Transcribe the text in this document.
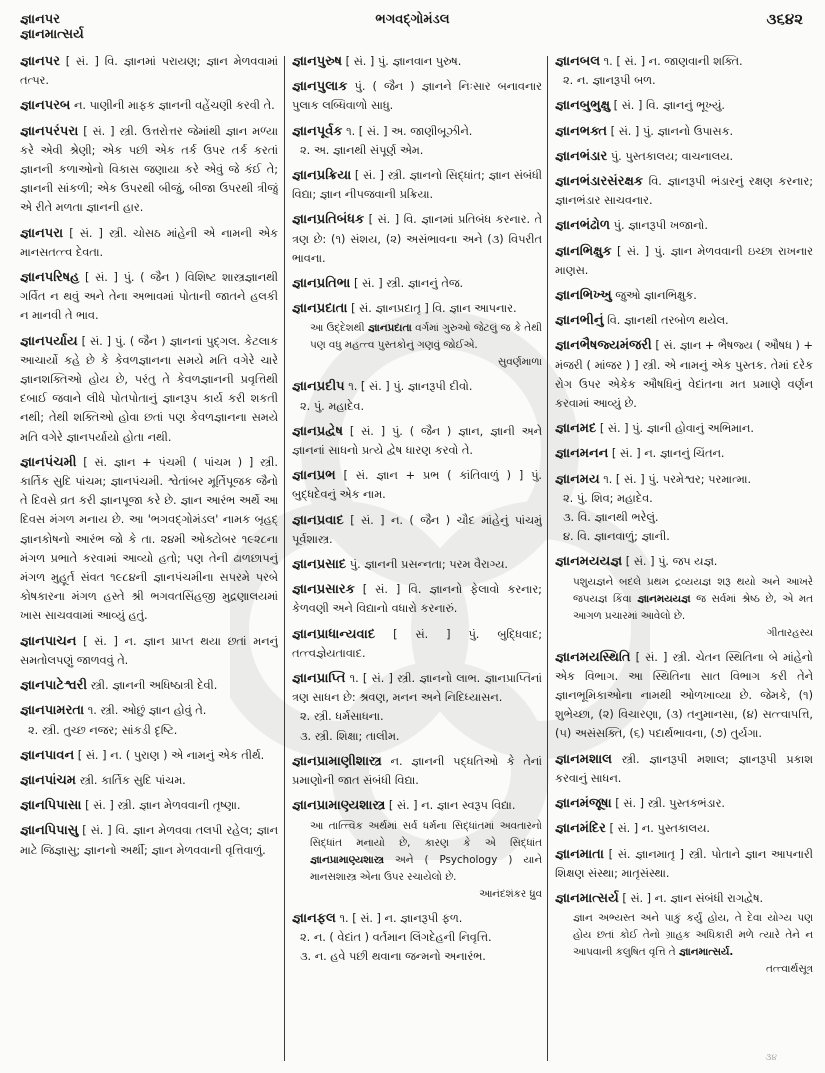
જ્ઞાનપર	ભગવદ્ગોમંડલ	૩૬૪૨
જ્ઞાનમાત્સર્ય

જ્ઞાનપર [ સં. ] વિ. જ્ઞાનમાં પરાયણ; જ્ઞાન મેળવવામાં તત્પર.

જ્ઞાનપરબ ન. પાણીની માફક જ્ઞાનની વહેંચણી કરવી તે.

જ્ઞાનપરંપરા [ સં. ] સ્ત્રી. ઉત્તરોત્તર જેમાંથી જ્ઞાન મળ્યા કરે એવી શ્રેણી; એક પછી એક તર્ક ઉપર તર્ક કરતાં જ્ઞાનની કળાઓનો વિકાસ જણાયા કરે એવું જે કંઈ તે; જ્ઞાનની સાંકળી; એક ઉપરથી બીજું, બીજા ઉપરથી ત્રીજું એ રીતે મળતા જ્ઞાનની હાર.

જ્ઞાનપરા [ સં. ] સ્ત્રી. ચોસઠ માંહેની એ નામની એક માનસતત્ત્વ દેવતા.

જ્ઞાનપરિષહ [ સં. ] પું. ( જૈન ) વિશિષ્ટ શાસ્ત્રજ્ઞાનથી ગર્વિત ન થવું અને તેના અભાવમાં પોતાની જાતને હલકી ન માનવી તે ભાવ.

જ્ઞાનપર્યાય [ સં. ] પું. ( જૈન ) જ્ઞાનનાં પુદ્ગલ. કેટલાક આચાર્યો કહે છે કે કેવળજ્ઞાનના સમયે મતિ વગેરે ચારે જ્ઞાનશક્તિઓ હોય છે, પરંતુ તે કેવળજ્ઞાનની પ્રવૃત્તિથી દબાઈ જવાને લીધે પોતપોતાનું જ્ઞાનરૂપ કાર્ય કરી શકતી નથી; તેથી શક્તિઓ હોવા છતાં પણ કેવળજ્ઞાનના સમયે મતિ વગેરે જ્ઞાનપર્યાયો હોતા નથી.

જ્ઞાનપંચમી [ સં. જ્ઞાન + પંચમી ( પાંચમ ) ] સ્ત્રી. કાર્તિક સુદિ પાંચમ; જ્ઞાનપંચમી. શ્વેતાંબર મૂર્તિપૂજક જૈનો તે દિવસે વ્રત કરી જ્ઞાનપૂજા કરે છે. જ્ઞાન આરંભ અર્થે આ દિવસ મંગળ મનાય છે. આ 'ભગવદ્ગોમંડલ' નામક બૃહદ્ જ્ઞાનકોષનો આરંભ જો કે તા. ૨૪મી ઓક્ટોબર ૧૯૨૮ના મંગળ પ્રભાતે કરવામાં આવ્યો હતો; પણ તેની ઢાળછાપનું મંગળ મુહૂર્ત સંવત ૧૯૮૪ની જ્ઞાનપંચમીના સપરમે પરબે કોષકારના મંગળ હસ્તે શ્રી ભગવતસિંહજી મુદ્રણાલયમાં ખાસ સાચવવામાં આવ્યું હતું.

જ્ઞાનપાચન [ સં. ] ન. જ્ઞાન પ્રાપ્ત થયા છતાં મનનું સમતોલપણું જાળવવું તે.

જ્ઞાનપાટેશ્વરી સ્ત્રી. જ્ઞાનની અધિષ્ઠાત્રી દેવી.

જ્ઞાનપામરતા ૧. સ્ત્રી. ઓછું જ્ઞાન હોવું તે.

૨. સ્ત્રી. તુચ્છ નજર; સાંકડી દૃષ્ટિ.

જ્ઞાનપાવન [ સં. ] ન. ( પુરાણ ) એ નામનું એક તીર્થ.

જ્ઞાનપાંચમ સ્ત્રી. કાર્તિક સુદિ પાંચમ.

જ્ઞાનપિપાસા [ સં. ] સ્ત્રી. જ્ઞાન મેળવવાની તૃષ્ણા.

જ્ઞાનપિપાસુ [ સં. ] વિ. જ્ઞાન મેળવવા તલપી રહેલ; જ્ઞાન માટે જિજ્ઞાસુ; જ્ઞાનનો અર્થી; જ્ઞાન મેળવવાની વૃત્તિવાળું.

જ્ઞાનપુરુષ [ સં. ] પું. જ્ઞાનવાન પુરુષ.

જ્ઞાનપુલાક પું. ( જૈન ) જ્ઞાનને નિઃસાર બનાવનાર પુલાક લબ્ધિવાળો સાધુ.

જ્ઞાનપૂર્વક ૧. [ સં. ] અ. જાણીબૂઝીને.

૨. અ. જ્ઞાનથી સંપૂર્ણ એમ.

જ્ઞાનપ્રક્રિયા [ સં. ] સ્ત્રી. જ્ઞાનનો સિદ્ધાંત; જ્ઞાન સંબંધી વિદ્યા; જ્ઞાન નીપજવાની પ્રક્રિયા.

જ્ઞાનપ્રતિબંધક [ સં. ] વિ. જ્ઞાનમાં પ્રતિબંધ કરનાર. તે ત્રણ છે: (૧) સંશય, (૨) અસંભાવના અને (૩) વિપરીત ભાવના.

જ્ઞાનપ્રતિભા [ સં. ] સ્ત્રી. જ્ઞાનનું તેજ.

જ્ઞાનપ્રદાતા [ સં. જ્ઞાનપ્રદાતૃ ] વિ. જ્ઞાન આપનાર.

આ ઉદ્દેશથી જ્ઞાનપ્રદાતા વર્ગમાં ગુરુઓ જેટલું જ કે તેથી પણ વધુ મહત્ત્વ પુસ્તકોનું ગણવું જોઈએ.
સુવર્ણમાળા

જ્ઞાનપ્રદીપ ૧. [ સં. ] પું. જ્ઞાનરૂપી દીવો.

૨. પું. મહાદેવ.

જ્ઞાનપ્રદ્વેષ [ સં. ] પું. ( જૈન ) જ્ઞાન, જ્ઞાની અને જ્ઞાનનાં સાધનો પ્રત્યે દ્વેષ ધારણ કરવો તે.

જ્ઞાનપ્રભ [ સં. જ્ઞાન + પ્રભ ( કાંતિવાળું ) ] પું. બુદ્ધદેવનું એક નામ.

જ્ઞાનપ્રવાદ [ સં. ] ન. ( જૈન ) ચૌદ માંહેનું પાંચમું પૂર્વશાસ્ત્ર.

જ્ઞાનપ્રસાદ પું. જ્ઞાનની પ્રસન્નતા; પરમ વૈરાગ્ય.

જ્ઞાનપ્રસારક [ સં. ] વિ. જ્ઞાનનો ફેલાવો કરનાર; કેળવણી અને વિદ્યાનો વધારો કરનારું.

જ્ઞાનપ્રાધાન્યવાદ [ સં. ] પું. બુદ્ધિવાદ; તત્ત્વજ્ઞેયતાવાદ.

જ્ઞાનપ્રાપ્તિ ૧. [ સં. ] સ્ત્રી. જ્ઞાનનો લાભ. જ્ઞાનપ્રાપ્તિનાં ત્રણ સાધન છે: શ્રવણ, મનન અને નિદિધ્યાસન.

૨. સ્ત્રી. ધર્મસાધના.

૩. સ્ત્રી. શિક્ષા; તાલીમ.

જ્ઞાનપ્રામાણીશાસ્ત્ર ન. જ્ઞાનની પદ્ધતિઓ કે તેનાં પ્રમાણોની જાત સંબંધી વિદ્યા.

જ્ઞાનપ્રામાણ્યશાસ્ત્ર [ સં. ] ન. જ્ઞાન સ્વરૂપ વિદ્યા.

આ તાત્ત્વિક અર્થમાં સર્વ ધર્મના સિદ્ધાંતમાં અવતારનો સિદ્ધાંત મનાયો છે, કારણ કે એ સિદ્ધાંત જ્ઞાનપ્રામાણ્યશાસ્ત્ર અને ( Psychology ) યાને માનસશાસ્ત્ર એના ઉપર રચાયેલો છે.
આનંદશંકર ધ્રુવ

જ્ઞાનફલ ૧. [ સં. ] ન. જ્ઞાનરૂપી ફળ.

૨. ન. ( વેદાંત ) વર્તમાન લિંગદેહની નિવૃત્તિ.

૩. ન. હવે પછી થવાના જન્મનો અનારંભ.

જ્ઞાનબલ ૧. [ સં. ] ન. જાણવાની શક્તિ.

૨. ન. જ્ઞાનરૂપી બળ.

જ્ઞાનબુભુક્ષુ [ સં. ] વિ. જ્ઞાનનું ભૂખ્યું.

જ્ઞાનભક્ત [ સં. ] પું. જ્ઞાનનો ઉપાસક.

જ્ઞાનભંડાર પું. પુસ્તકાલય; વાચનાલય.

જ્ઞાનભંડારસંરક્ષક વિ. જ્ઞાનરૂપી ભંડારનું રક્ષણ કરનાર; જ્ઞાનભંડાર સાચવનાર.

જ્ઞાનભંઢોળ પું. જ્ઞાનરૂપી ખજાનો.

જ્ઞાનભિક્ષુક [ સં. ] પું. જ્ઞાન મેળવવાની ઇચ્છા રાખનાર માણસ.

જ્ઞાનભિખ્ખુ જુઓ જ્ઞાનભિક્ષુક.

જ્ઞાનભીનું વિ. જ્ઞાનથી તરબોળ થયેલ.

જ્ઞાનભૈષજ્યમંજરી [ સં. જ્ઞાન + ભૈષજ્ય ( ઔષધ ) + મંજરી ( માંજર ) ] સ્ત્રી. એ નામનું એક પુસ્તક. તેમાં દરેક રોગ ઉપર એકેક ઔષધિનું વેદાંતના મત પ્રમાણે વર્ણન કરવામાં આવ્યું છે.

જ્ઞાનમદ [ સં. ] પું. જ્ઞાની હોવાનું અભિમાન.

જ્ઞાનમનન [ સં. ] ન. જ્ઞાનનું ચિંતન.

જ્ઞાનમય ૧. [ સં. ] પું. પરમેશ્વર; પરમાત્મા.

૨. પું. શિવ; મહાદેવ.

૩. વિ. જ્ઞાનથી ભરેલું.

૪. વિ. જ્ઞાનવાળું; જ્ઞાની.

જ્ઞાનમયયજ્ઞ [ સં. ] પું. જપ યજ્ઞ.

પશુયજ્ઞને બદલે પ્રથમ દ્રવ્યયજ્ઞ શરૂ થયો અને આખરે જપયજ્ઞ કિંવા જ્ઞાનમયયજ્ઞ જ સર્વમાં શ્રેષ્ઠ છે, એ મત આગળ પ્રચારમાં આવેલો છે.
ગીતારહસ્ય

જ્ઞાનમયસ્થિતિ [ સં. ] સ્ત્રી. ચેતન સ્થિતિના બે માંહેનો એક વિભાગ. આ સ્થિતિના સાત વિભાગ કરી તેને જ્ઞાનભૂમિકાઓના નામથી ઓળખાવ્યા છે. જેમકે, (૧) શુભેચ્છા, (૨) વિચારણા, (૩) તનુમાનસા, (૪) સત્ત્વાપત્તિ, (૫) અસંસક્તિ, (૬) પદાર્થભાવના, (૭) તુર્યગા.

જ્ઞાનમશાલ સ્ત્રી. જ્ઞાનરૂપી મશાલ; જ્ઞાનરૂપી પ્રકાશ કરવાનું સાધન.

જ્ઞાનમંજૂષા [ સં. ] સ્ત્રી. પુસ્તકભંડાર.

જ્ઞાનમંદિર [ સં. ] ન. પુસ્તકાલય.

જ્ઞાનમાતા [ સં. જ્ઞાનમાતૃ ] સ્ત્રી. પોતાને જ્ઞાન આપનારી શિક્ષણ સંસ્થા; માતૃસંસ્થા.

જ્ઞાનમાત્સર્ય [ સં. ] ન. જ્ઞાન સંબંધી રાગદ્વેષ.

જ્ઞાન અભ્યસ્ત અને પાકું કર્યું હોય, તે દેવા યોગ્ય પણ હોય છતાં કોઈ તેનો ગ્રાહક અધિકારી મળે ત્યારે તેને ન આપવાની કલુષિત વૃત્તિ તે જ્ઞાનમાત્સર્ય.
તત્ત્વાર્થસૂત્ર
૩૪
